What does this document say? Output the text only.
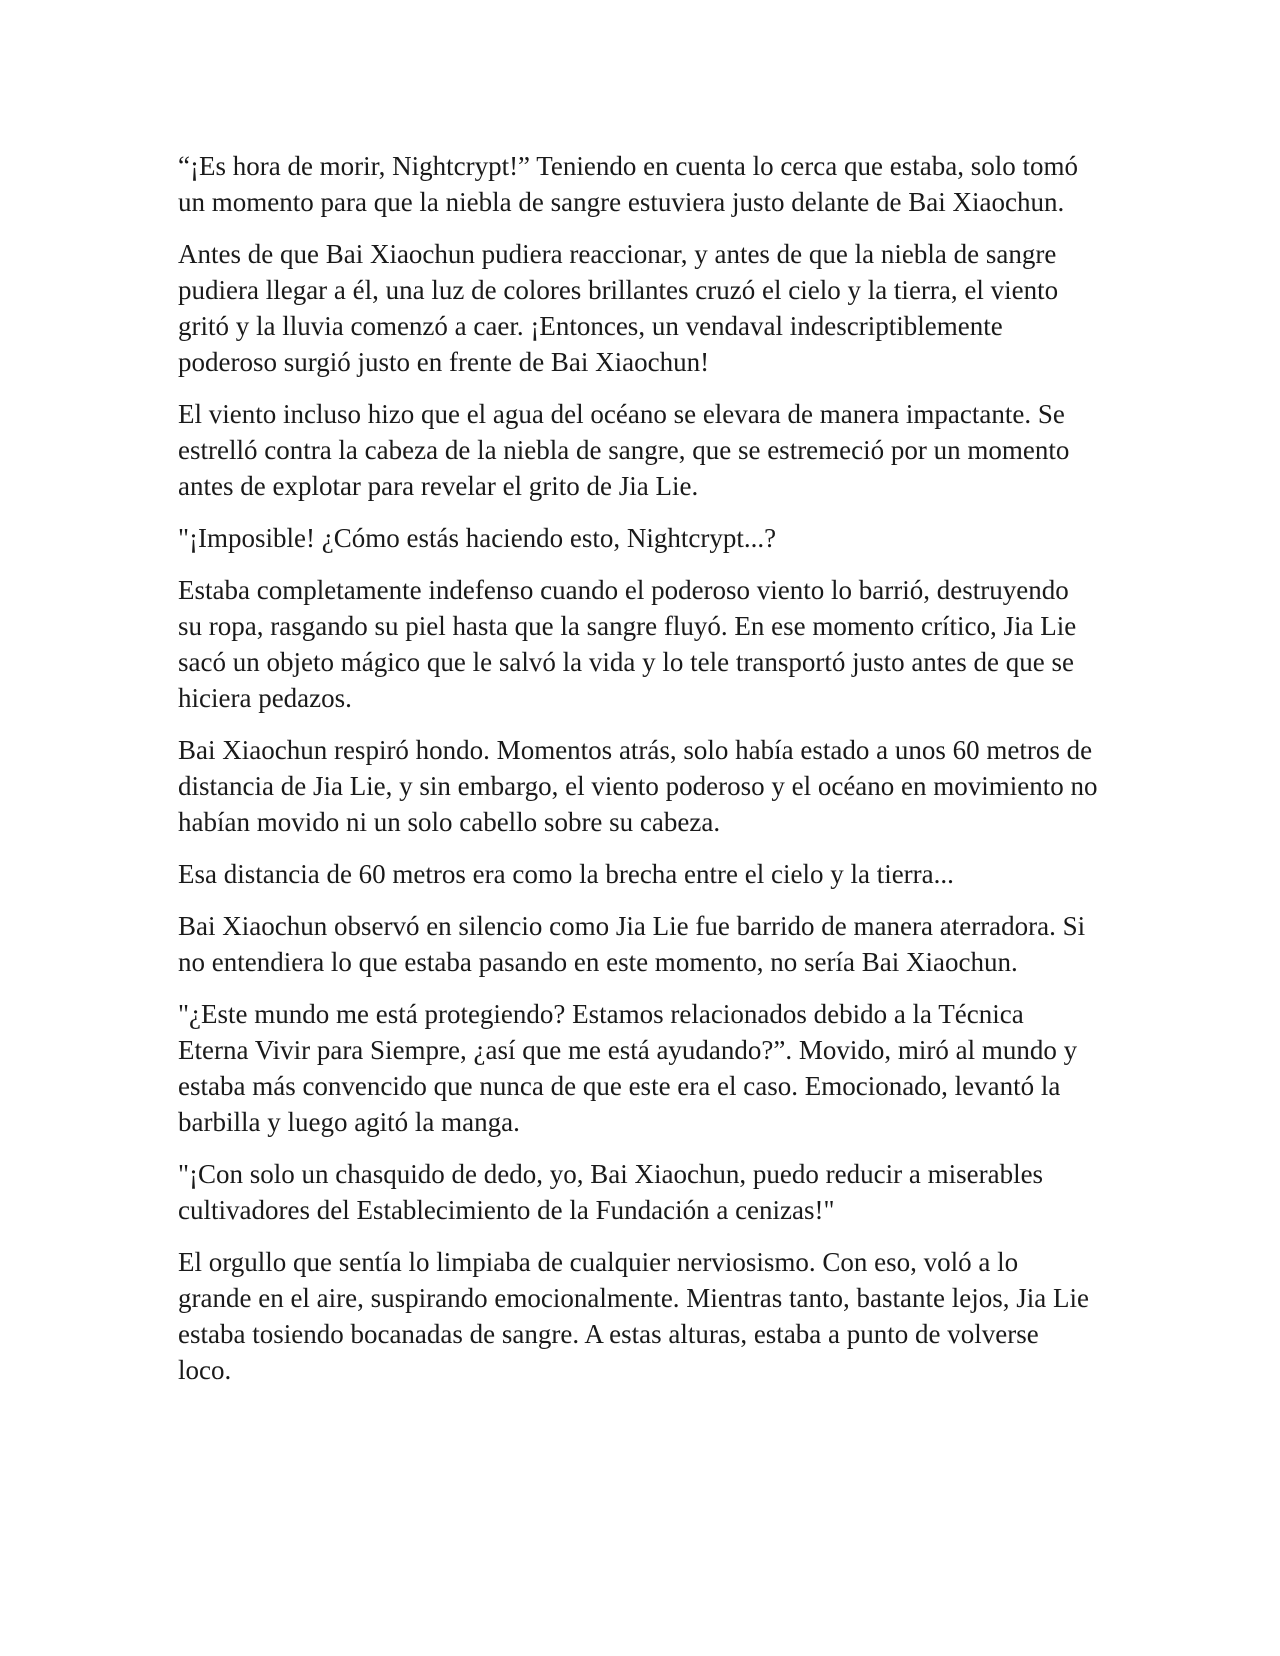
“¡Es hora de morir, Nightcrypt!” Teniendo en cuenta lo cerca que estaba, solo tomó un momento para que la niebla de sangre estuviera justo delante de Bai Xiaochun.

Antes de que Bai Xiaochun pudiera reaccionar, y antes de que la niebla de sangre pudiera llegar a él, una luz de colores brillantes cruzó el cielo y la tierra, el viento gritó y la lluvia comenzó a caer. ¡Entonces, un vendaval indescriptiblemente poderoso surgió justo en frente de Bai Xiaochun!

El viento incluso hizo que el agua del océano se elevara de manera impactante. Se estrelló contra la cabeza de la niebla de sangre, que se estremeció por un momento antes de explotar para revelar el grito de Jia Lie.

"¡Imposible! ¿Cómo estás haciendo esto, Nightcrypt...?

Estaba completamente indefenso cuando el poderoso viento lo barrió, destruyendo su ropa, rasgando su piel hasta que la sangre fluyó. En ese momento crítico, Jia Lie sacó un objeto mágico que le salvó la vida y lo tele transportó justo antes de que se hiciera pedazos.

Bai Xiaochun respiró hondo. Momentos atrás, solo había estado a unos 60 metros de distancia de Jia Lie, y sin embargo, el viento poderoso y el océano en movimiento no habían movido ni un solo cabello sobre su cabeza.

Esa distancia de 60 metros era como la brecha entre el cielo y la tierra...

Bai Xiaochun observó en silencio como Jia Lie fue barrido de manera aterradora. Si no entendiera lo que estaba pasando en este momento, no sería Bai Xiaochun.

"¿Este mundo me está protegiendo? Estamos relacionados debido a la Técnica Eterna Vivir para Siempre, ¿así que me está ayudando?”. Movido, miró al mundo y estaba más convencido que nunca de que este era el caso. Emocionado, levantó la barbilla y luego agitó la manga.

"¡Con solo un chasquido de dedo, yo, Bai Xiaochun, puedo reducir a miserables cultivadores del Establecimiento de la Fundación a cenizas!"

El orgullo que sentía lo limpiaba de cualquier nerviosismo. Con eso, voló a lo grande en el aire, suspirando emocionalmente. Mientras tanto, bastante lejos, Jia Lie estaba tosiendo bocanadas de sangre. A estas alturas, estaba a punto de volverse loco.
